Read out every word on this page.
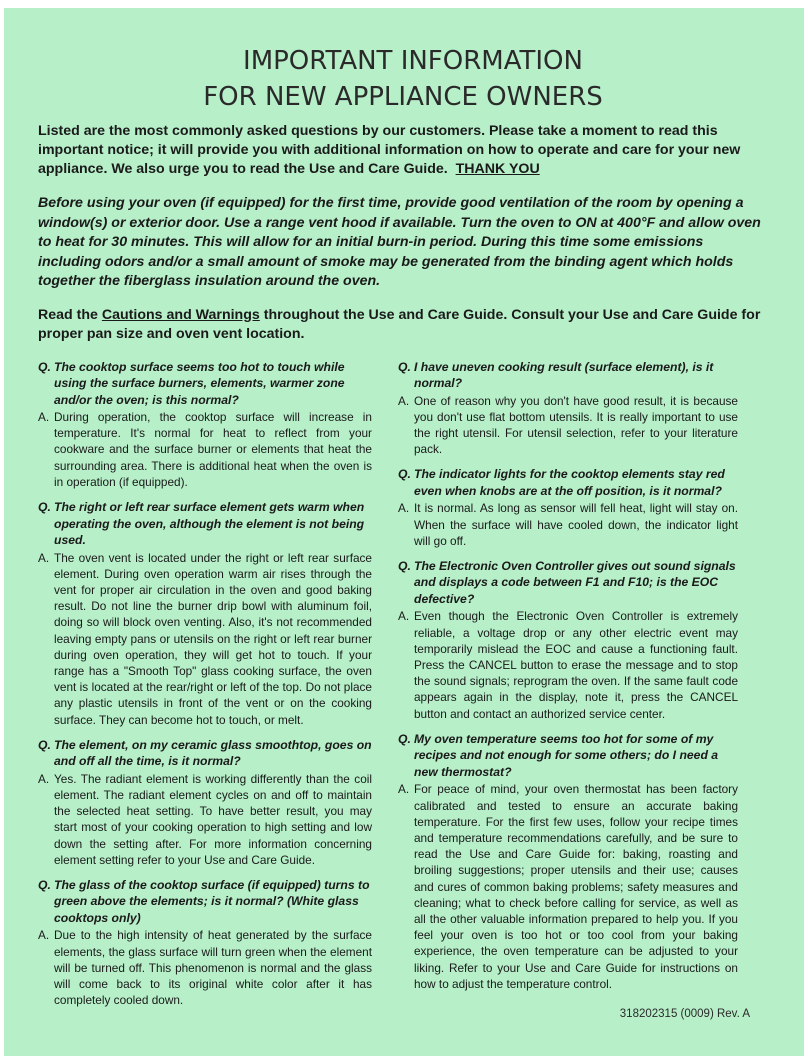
IMPORTANT INFORMATION
FOR NEW APPLIANCE OWNERS

Listed are the most commonly asked questions by our customers. Please take a moment to read this important notice; it will provide you with additional information on how to operate and care for your new appliance. We also urge you to read the Use and Care Guide. THANK YOU

Before using your oven (if equipped) for the first time, provide good ventilation of the room by opening a window(s) or exterior door. Use a range vent hood if available. Turn the oven to ON at 400°F and allow oven to heat for 30 minutes. This will allow for an initial burn-in period. During this time some emissions including odors and/or a small amount of smoke may be generated from the binding agent which holds together the fiberglass insulation around the oven.

Read the Cautions and Warnings throughout the Use and Care Guide. Consult your Use and Care Guide for proper pan size and oven vent location.

Q. The cooktop surface seems too hot to touch while using the surface burners, elements, warmer zone and/or the oven; is this normal?

A. During operation, the cooktop surface will increase in temperature. It's normal for heat to reflect from your cookware and the surface burner or elements that heat the surrounding area. There is additional heat when the oven is in operation (if equipped).

Q. The right or left rear surface element gets warm when operating the oven, although the element is not being used.

A. The oven vent is located under the right or left rear surface element. During oven operation warm air rises through the vent for proper air circulation in the oven and good baking result. Do not line the burner drip bowl with aluminum foil, doing so will block oven venting. Also, it's not recommended leaving empty pans or utensils on the right or left rear burner during oven operation, they will get hot to touch. If your range has a "Smooth Top" glass cooking surface, the oven vent is located at the rear/right or left of the top. Do not place any plastic utensils in front of the vent or on the cooking surface. They can become hot to touch, or melt.

Q. The element, on my ceramic glass smoothtop, goes on and off all the time, is it normal?

A. Yes. The radiant element is working differently than the coil element. The radiant element cycles on and off to maintain the selected heat setting. To have better result, you may start most of your cooking operation to high setting and low down the setting after. For more information concerning element setting refer to your Use and Care Guide.

Q. The glass of the cooktop surface (if equipped) turns to green above the elements; is it normal? (White glass cooktops only)

A. Due to the high intensity of heat generated by the surface elements, the glass surface will turn green when the element will be turned off. This phenomenon is normal and the glass will come back to its original white color after it has completely cooled down.

Q. I have uneven cooking result (surface element), is it normal?

A. One of reason why you don't have good result, it is because you don't use flat bottom utensils. It is really important to use the right utensil. For utensil selection, refer to your literature pack.

Q. The indicator lights for the cooktop elements stay red even when knobs are at the off position, is it normal?

A. It is normal. As long as sensor will fell heat, light will stay on. When the surface will have cooled down, the indicator light will go off.

Q. The Electronic Oven Controller gives out sound signals and displays a code between F1 and F10; is the EOC defective?

A. Even though the Electronic Oven Controller is extremely reliable, a voltage drop or any other electric event may temporarily mislead the EOC and cause a functioning fault. Press the CANCEL button to erase the message and to stop the sound signals; reprogram the oven. If the same fault code appears again in the display, note it, press the CANCEL button and contact an authorized service center.

Q. My oven temperature seems too hot for some of my recipes and not enough for some others; do I need a new thermostat?

A. For peace of mind, your oven thermostat has been factory calibrated and tested to ensure an accurate baking temperature. For the first few uses, follow your recipe times and temperature recommendations carefully, and be sure to read the Use and Care Guide for: baking, roasting and broiling suggestions; proper utensils and their use; causes and cures of common baking problems; safety measures and cleaning; what to check before calling for service, as well as all the other valuable information prepared to help you. If you feel your oven is too hot or too cool from your baking experience, the oven temperature can be adjusted to your liking. Refer to your Use and Care Guide for instructions on how to adjust the temperature control.

318202315 (0009) Rev. A
